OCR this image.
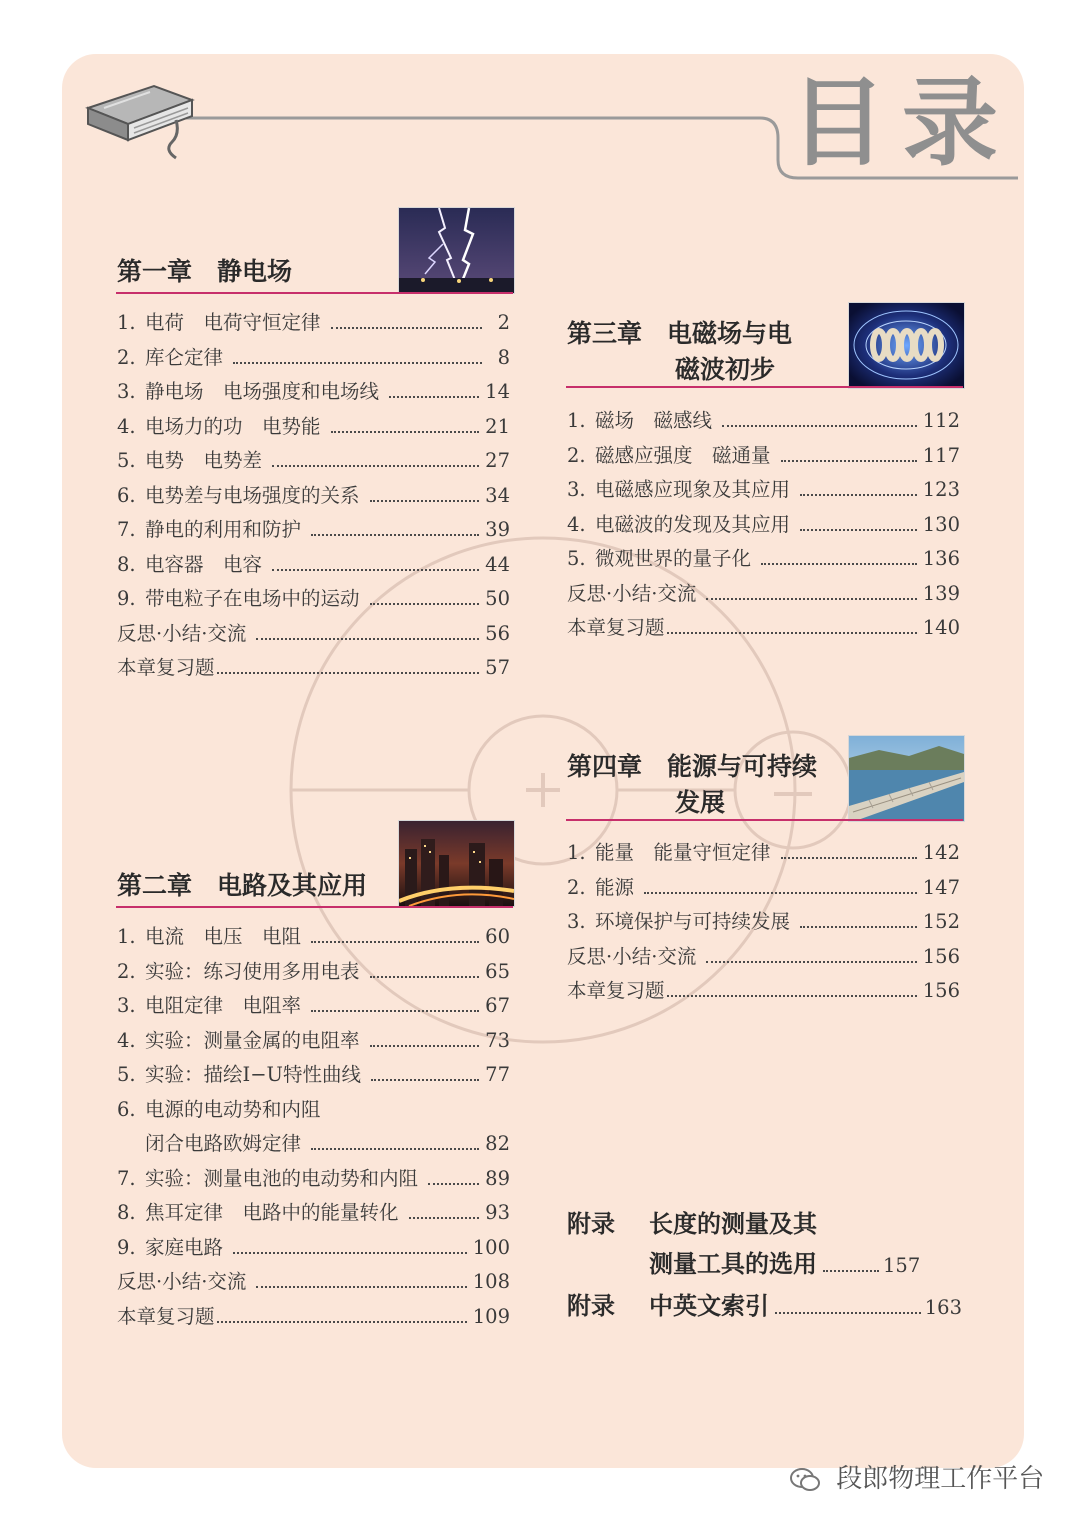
目录
第一章　静电场
1. 电荷　电荷守恒定律	2
2. 库仑定律	8
3. 静电场　电场强度和电场线	14
4. 电场力的功　电势能	21
5. 电势　电势差	27
6. 电势差与电场强度的关系	34
7. 静电的利用和防护	39
8. 电容器　电容	44
9. 带电粒子在电场中的运动	50
反思·小结·交流	56
本章复习题	57
第二章　电路及其应用
1. 电流　电压　电阻	60
2. 实验：练习使用多用电表	65
3. 电阻定律　电阻率	67
4. 实验：测量金属的电阻率	73
5. 实验：描绘I−U特性曲线	77
6. 电源的电动势和内阻
闭合电路欧姆定律	82
7. 实验：测量电池的电动势和内阻	89
8. 焦耳定律　电路中的能量转化	93
9. 家庭电路	100
反思·小结·交流	108
本章复习题	109
第三章　电磁场与电
磁波初步
1. 磁场　磁感线	112
2. 磁感应强度　磁通量	117
3. 电磁感应现象及其应用	123
4. 电磁波的发现及其应用	130
5. 微观世界的量子化	136
反思·小结·交流	139
本章复习题	140
第四章　能源与可持续
发展
1. 能量　能量守恒定律	142
2. 能源	147
3. 环境保护与可持续发展	152
反思·小结·交流	156
本章复习题	156
附录	长度的测量及其
测量工具的选用	157
附录	中英文索引	163
段郎物理工作平台
